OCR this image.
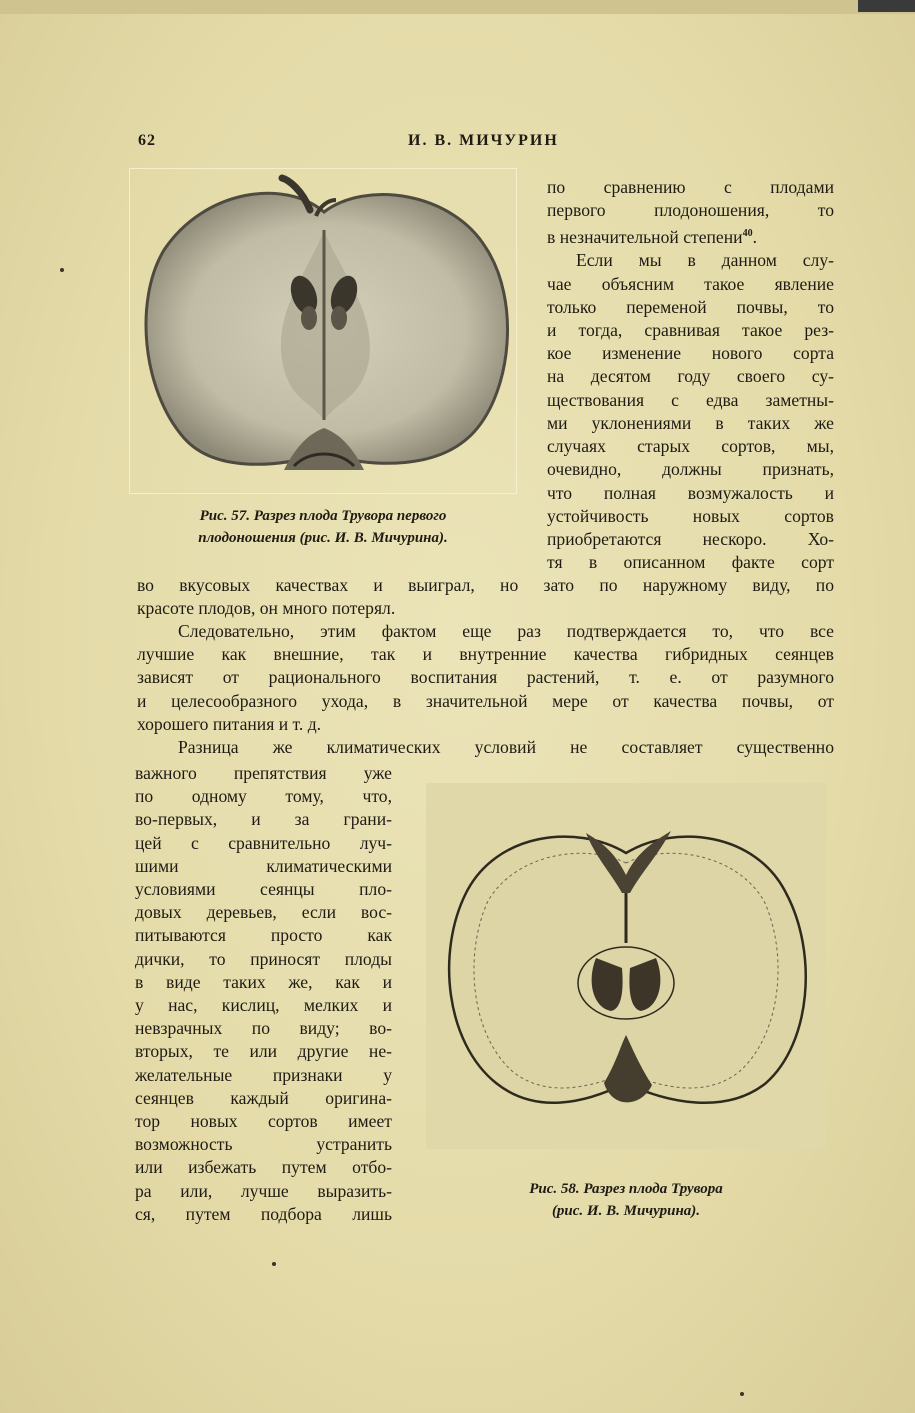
62	И. В. МИЧУРИН

Рис. 57. Разрез плода Трувора первого
плодоношения (рис. И. В. Мичурина).

по сравнению с плодами

первого плодоношения, то

в незначительной степени$^{40}$.

Если мы в данном слу-

чае объясним такое явление

только переменой почвы, то

и тогда, сравнивая такое рез-

кое изменение нового сорта

на десятом году своего су-

ществования с едва заметны-

ми уклонениями в таких же

случаях старых сортов, мы,

очевидно, должны признать,

что полная возмужалость и

устойчивость новых сортов

приобретаются нескоро. Хо-

тя в описанном факте сорт

во вкусовых качествах и выиграл, но зато по наружному виду, по

красоте плодов, он много потерял.

Следовательно, этим фактом еще раз подтверждается то, что все

лучшие как внешние, так и внутренние качества гибридных сеянцев

зависят от рационального воспитания растений, т. е. от разумного

и целесообразного ухода, в значительной мере от качества почвы, от

хорошего питания и т. д.

Разница же климатических условий не составляет существенно

важного препятствия уже

по одному тому, что,

во-первых, и за грани-

цей с сравнительно луч-

шими климатическими

условиями сеянцы пло-

довых деревьев, если вос-

питываются просто как

дички, то приносят плоды

в виде таких же, как и

у нас, кислиц, мелких и

невзрачных по виду; во-

вторых, те или другие не-

желательные признаки у

сеянцев каждый оригина-

тор новых сортов имеет

возможность устранить

или избежать путем отбо-

ра или, лучше выразить-

ся, путем подбора лишь

Рис. 58. Разрез плода Трувора
(рис. И. В. Мичурина).
